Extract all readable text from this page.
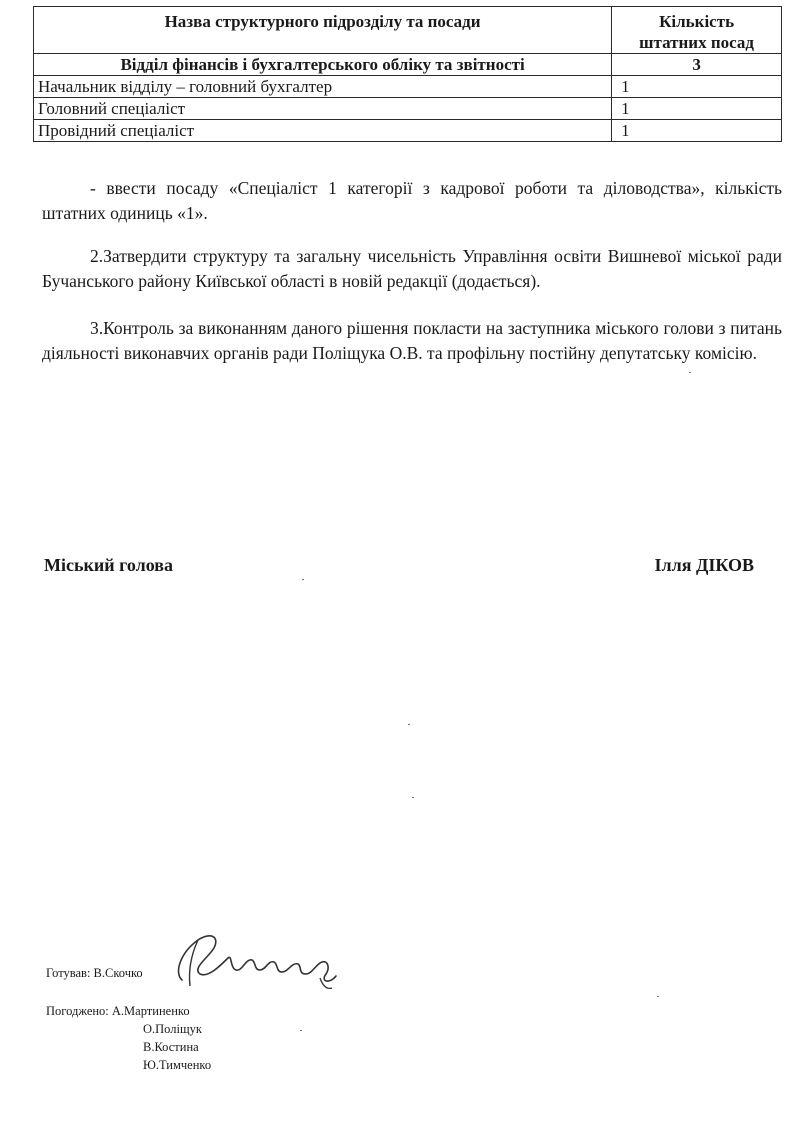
Назва структурного підрозділу та посади	Кількість
штатних посад

Відділ фінансів і бухгалтерського обліку та звітності	3
Начальник відділу – головний бухгалтер	1
Головний спеціаліст	1
Провідний спеціаліст	1

- ввести посаду «Спеціаліст 1 категорії з кадрової роботи та діловодства», кількість штатних одиниць «1».

2.Затвердити структуру та загальну чисельність Управління освіти Вишневої міської ради Бучанського району Київської області в новій редакції (додається).

3.Контроль за виконанням даного рішення покласти на заступника міського голови з питань діяльності виконавчих органів ради Поліщука О.В. та профільну постійну депутатську комісію.

Міський голова	Ілля ДІКОВ
Готував: В.Скочко
Погоджено: А.Мартиненко
О.Поліщук
В.Костина
Ю.Тимченко
